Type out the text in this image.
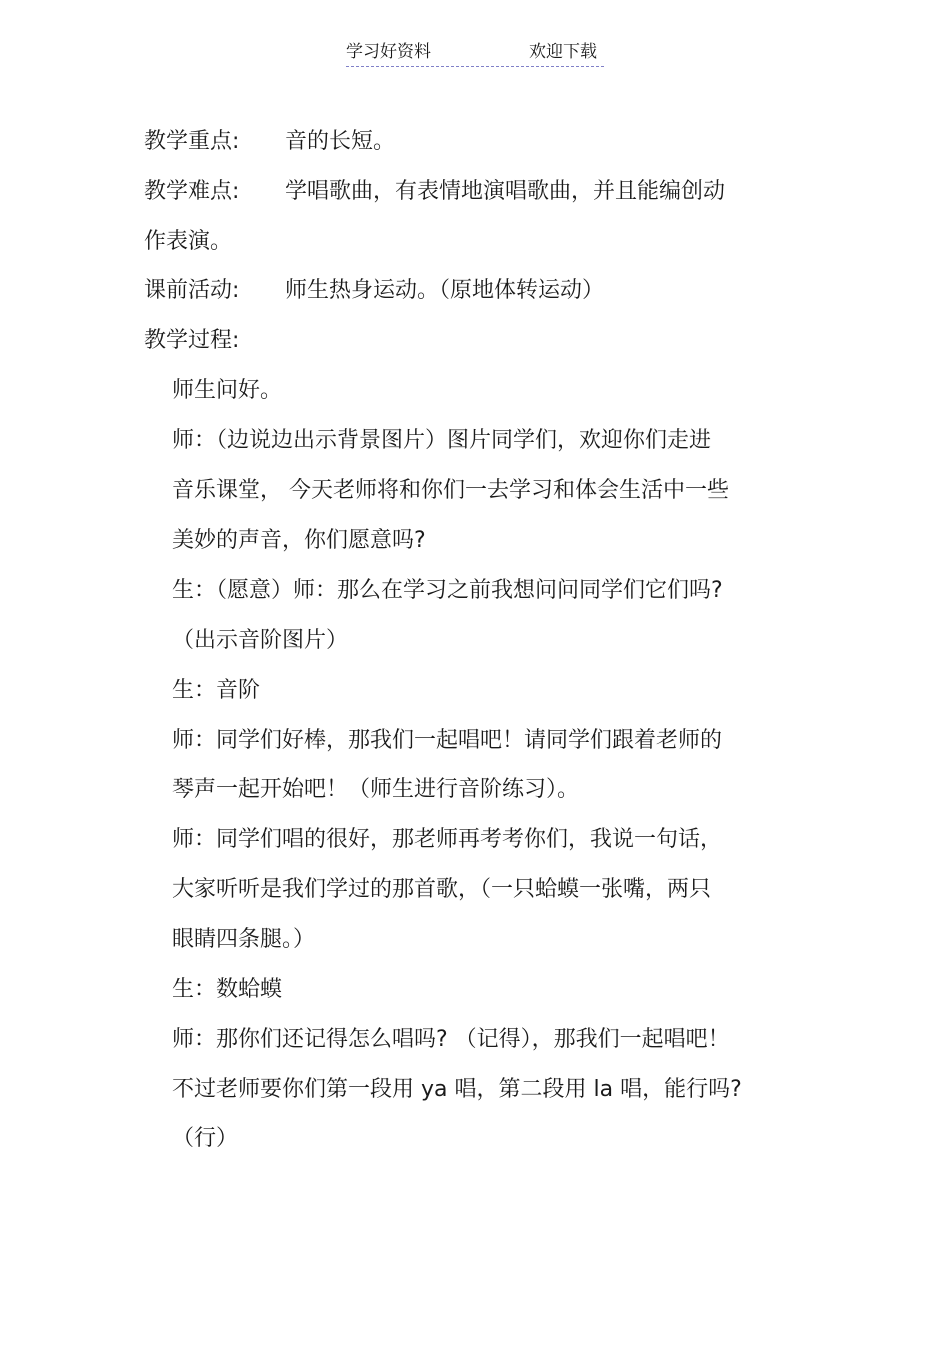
学习好资料	欢迎下载
教学重点: 音的长短。
教学难点: 学唱歌曲，有表情地演唱歌曲，并且能编创动
作表演。
课前活动: 师生热身运动。（原地体转运动）
教学过程:
师生问好。
师：（边说边出示背景图片）图片同学们，欢迎你们走进
音乐课堂， 今天老师将和你们一去学习和体会生活中一些
美妙的声音，你们愿意吗?
生：（愿意）师：那么在学习之前我想问问同学们它们吗?
（出示音阶图片）
生：音阶
师：同学们好棒，那我们一起唱吧！请同学们跟着老师的
琴声一起开始吧！（师生进行音阶练习）。
师：同学们唱的很好，那老师再考考你们，我说一句话，
大家听听是我们学过的那首歌，（一只蛤蟆一张嘴，两只
眼睛四条腿。）
生：数蛤蟆
师：那你们还记得怎么唱吗? （记得），那我们一起唱吧！
不过老师要你们第一段用 ya 唱，第二段用 la 唱，能行吗?
（行）
